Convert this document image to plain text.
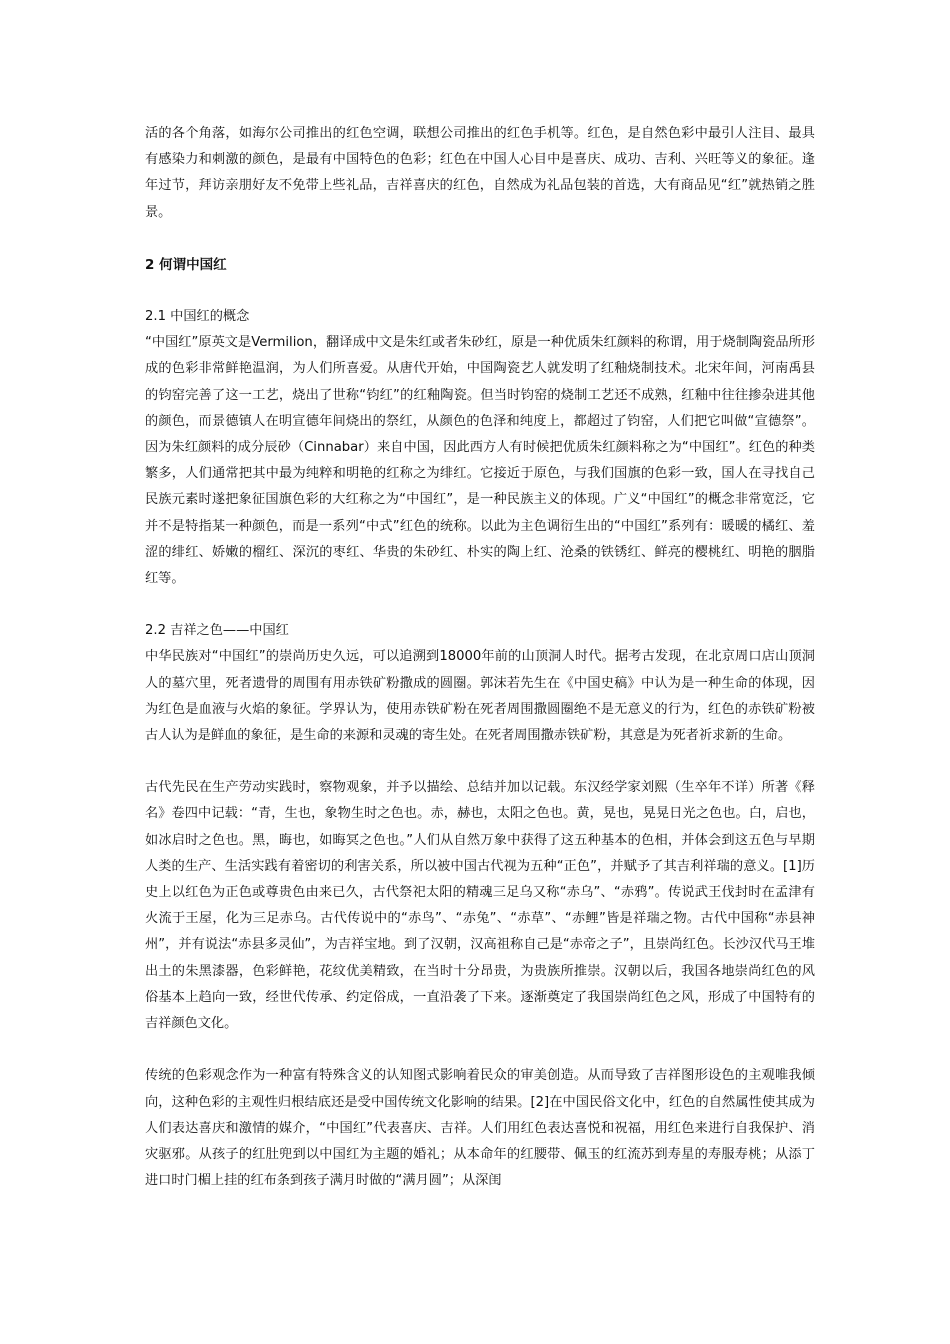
活的各个角落，如海尔公司推出的红色空调，联想公司推出的红色手机等。红色，是自然色彩中最引人注目、最具有感染力和刺激的颜色，是最有中国特色的色彩；红色在中国人心目中是喜庆、成功、吉利、兴旺等义的象征。逢年过节，拜访亲朋好友不免带上些礼品，吉祥喜庆的红色，自然成为礼品包装的首选，大有商品见“红”就热销之胜景。

2 何谓中国红

2.1 中国红的概念

“中国红”原英文是Vermilion，翻译成中文是朱红或者朱砂红，原是一种优质朱红颜料的称谓，用于烧制陶瓷品所形成的色彩非常鲜艳温润，为人们所喜爱。从唐代开始，中国陶瓷艺人就发明了红釉烧制技术。北宋年间，河南禹县的钧窑完善了这一工艺，烧出了世称“钧红”的红釉陶瓷。但当时钧窑的烧制工艺还不成熟，红釉中往往掺杂进其他的颜色，而景德镇人在明宣德年间烧出的祭红，从颜色的色泽和纯度上，都超过了钧窑，人们把它叫做“宣德祭”。因为朱红颜料的成分辰砂（Cinnabar）来自中国，因此西方人有时候把优质朱红颜料称之为“中国红”。红色的种类繁多，人们通常把其中最为纯粹和明艳的红称之为绯红。它接近于原色，与我们国旗的色彩一致，国人在寻找自己民族元素时遂把象征国旗色彩的大红称之为“中国红”，是一种民族主义的体现。广义“中国红”的概念非常宽泛，它并不是特指某一种颜色，而是一系列“中式”红色的统称。以此为主色调衍生出的“中国红”系列有：暖暖的橘红、羞涩的绯红、娇嫩的榴红、深沉的枣红、华贵的朱砂红、朴实的陶上红、沧桑的铁锈红、鲜亮的樱桃红、明艳的胭脂红等。

2.2 吉祥之色——中国红

中华民族对“中国红”的崇尚历史久远，可以追溯到18000年前的山顶洞人时代。据考古发现，在北京周口店山顶洞人的墓穴里，死者遗骨的周围有用赤铁矿粉撒成的圆圈。郭沫若先生在《中国史稿》中认为是一种生命的体现，因为红色是血液与火焰的象征。学界认为，使用赤铁矿粉在死者周围撒圆圈绝不是无意义的行为，红色的赤铁矿粉被古人认为是鲜血的象征，是生命的来源和灵魂的寄生处。在死者周围撒赤铁矿粉，其意是为死者祈求新的生命。

古代先民在生产劳动实践时，察物观象，并予以描绘、总结并加以记载。东汉经学家刘熙（生卒年不详）所著《释名》卷四中记载：“青，生也，象物生时之色也。赤，赫也，太阳之色也。黄，晃也，晃晃日光之色也。白，启也，如冰启时之色也。黑，晦也，如晦冥之色也。”人们从自然万象中获得了这五种基本的色相，并体会到这五色与早期人类的生产、生活实践有着密切的利害关系，所以被中国古代视为五种“正色”，并赋予了其吉利祥瑞的意义。[1]历史上以红色为正色或尊贵色由来已久，古代祭祀太阳的精魂三足乌又称“赤乌”、“赤鸦”。传说武王伐封时在孟津有火流于王屋，化为三足赤乌。古代传说中的“赤鸟”、“赤兔”、“赤草”、“赤鲤”皆是祥瑞之物。古代中国称“赤县神州”，并有说法“赤县多灵仙”，为吉祥宝地。到了汉朝，汉高祖称自己是“赤帝之子”，且崇尚红色。长沙汉代马王堆出土的朱黑漆器，色彩鲜艳，花纹优美精致，在当时十分昂贵，为贵族所推崇。汉朝以后，我国各地崇尚红色的风俗基本上趋向一致，经世代传承、约定俗成，一直沿袭了下来。逐渐奠定了我国崇尚红色之风，形成了中国特有的吉祥颜色文化。

传统的色彩观念作为一种富有特殊含义的认知图式影响着民众的审美创造。从而导致了吉祥图形设色的主观唯我倾向，这种色彩的主观性归根结底还是受中国传统文化影响的结果。[2]在中国民俗文化中，红色的自然属性使其成为人们表达喜庆和激情的媒介，“中国红”代表喜庆、吉祥。人们用红色表达喜悦和祝福，用红色来进行自我保护、消灾驱邪。从孩子的红肚兜到以中国红为主题的婚礼；从本命年的红腰带、佩玉的红流苏到寿星的寿服寿桃；从添丁进口时门楣上挂的红布条到孩子满月时做的“满月圆”；从深闺
